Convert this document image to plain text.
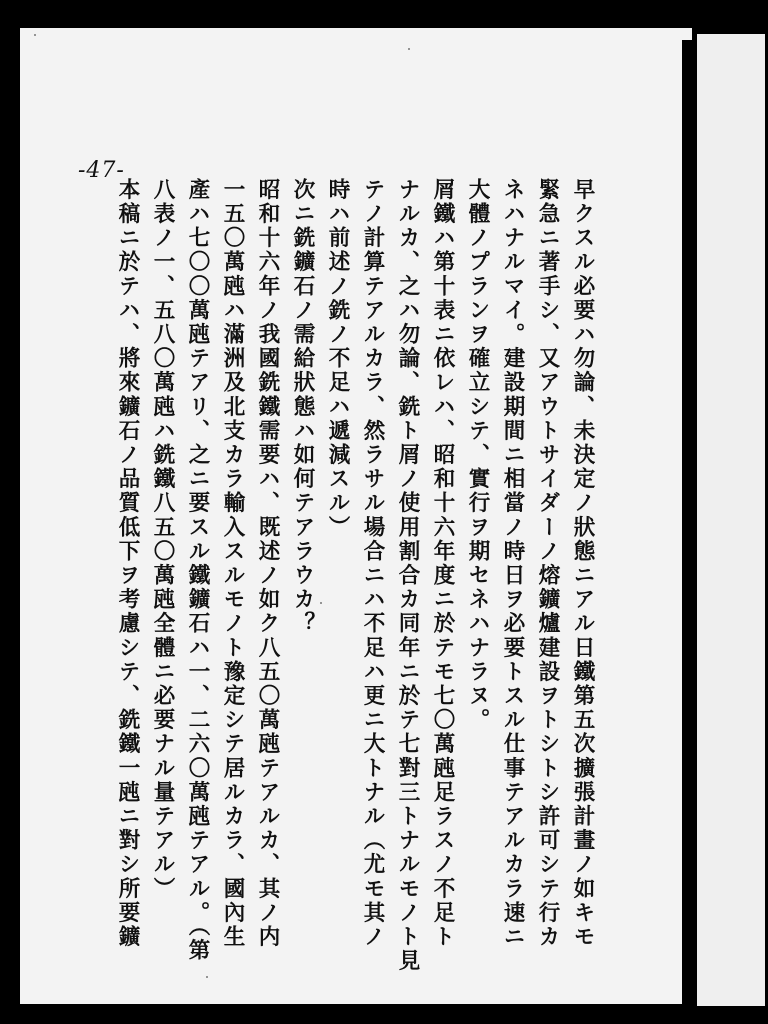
-47-
早クスル必要ハ勿論、未決定ノ狀態ニアル日鐵第五次擴張計畫ノ如キモ
緊急ニ著手シ、又アウトサイダーノ熔鑛爐建設ヲトシトシ許可シテ行カ
ネハナルマイ。建設期間ニ相當ノ時日ヲ必要トスル仕事テアルカラ速ニ
大體ノプランヲ確立シテ、實行ヲ期セネハナラヌ。
屑鐵ハ第十表ニ依レハ、昭和十六年度ニ於テモ七〇萬瓲足ラスノ不足ト
ナルカ、之ハ勿論、銑ト屑ノ使用割合カ同年ニ於テ七對三トナルモノト見
テノ計算テアルカラ、然ラサル場合ニハ不足ハ更ニ大トナル（尤モ其ノ
時ハ前述ノ銑ノ不足ハ遞減スル）
次ニ銑鑛石ノ需給狀態ハ如何テアラウカ？
昭和十六年ノ我國銑鐵需要ハ、既述ノ如ク八五〇萬瓲テアルカ、其ノ内
一五〇萬瓲ハ滿洲及北支カラ輸入スルモノト豫定シテ居ルカラ、國內生
產ハ七〇〇萬瓲テアリ、之ニ要スル鐵鑛石ハ一、二六〇萬瓲テアル。（第
八表ノ一、五八〇萬瓲ハ銑鐵八五〇萬瓲全體ニ必要ナル量テアル）
本稿ニ於テハ、將來鑛石ノ品質低下ヲ考慮シテ、銑鐵一瓲ニ對シ所要鑛
